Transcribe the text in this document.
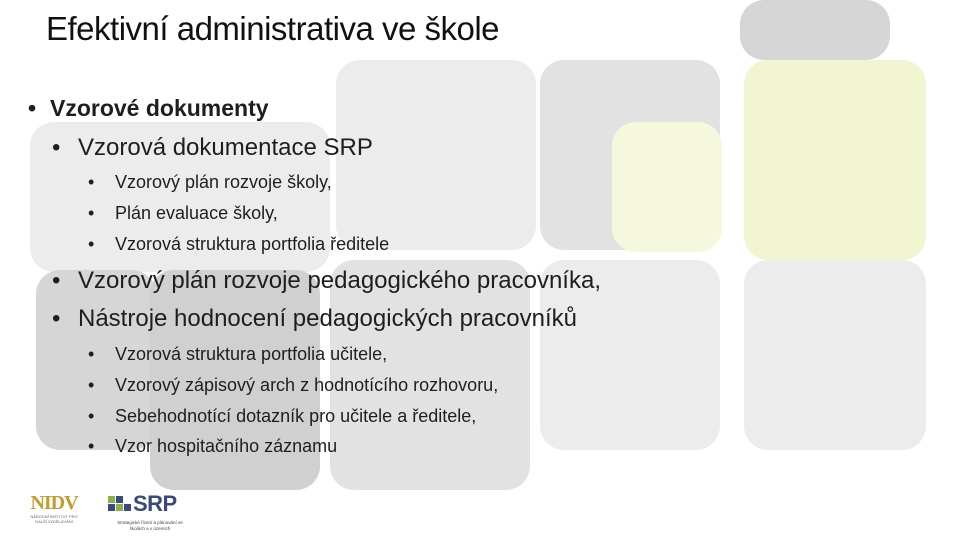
Efektivní administrativa ve škole
• Vzorové dokumenty
• Vzorová dokumentace SRP
• Vzorový plán rozvoje školy,
• Plán evaluace školy,
• Vzorová struktura portfolia ředitele
• Vzorový plán rozvoje pedagogického pracovníka,
• Nástroje hodnocení pedagogických pracovníků
• Vzorová struktura portfolia učitele,
• Vzorový zápisový arch z hodnotícího rozhovoru,
• Sebehodnotící dotazník pro učitele a ředitele,
• Vzor hospitačního záznamu
NIDV
NÁRODNÍ INSTITUT PRO DALŠÍ VZDĚLÁVÁNÍ
SRP
Strategické řízení a plánování ve školách a v územích
